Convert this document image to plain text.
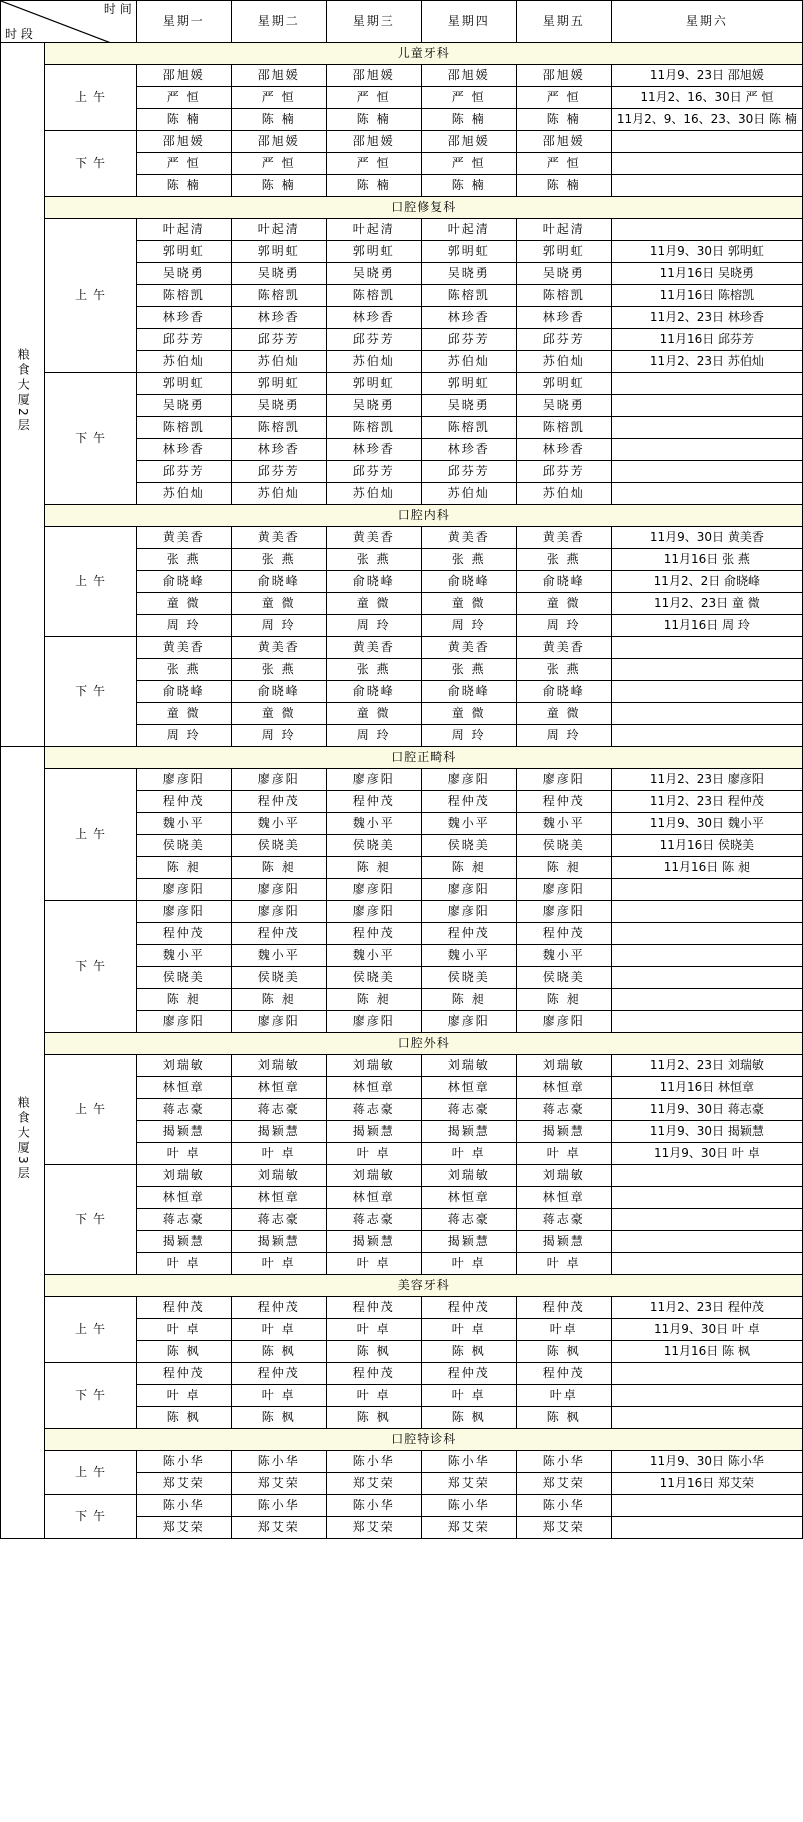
时 间
时 段		星期一	星期二	星期三	星期四	星期五	星期六
粮食大厦2层	儿童牙科						
	上 午	邵旭媛	邵旭媛	邵旭媛	邵旭媛	邵旭媛	11月9、23日 邵旭媛
		严 恒	严 恒	严 恒	严 恒	严 恒	11月2、16、30日 严 恒
		陈 楠	陈 楠	陈 楠	陈 楠	陈 楠	11月2、9、16、23、30日 陈 楠
	下 午	邵旭媛	邵旭媛	邵旭媛	邵旭媛	邵旭媛	
		严 恒	严 恒	严 恒	严 恒	严 恒	
		陈 楠	陈 楠	陈 楠	陈 楠	陈 楠	
	口腔修复科						
	上 午	叶起清	叶起清	叶起清	叶起清	叶起清	
		郭明虹	郭明虹	郭明虹	郭明虹	郭明虹	11月9、30日 郭明虹
		吴晓勇	吴晓勇	吴晓勇	吴晓勇	吴晓勇	11月16日 吴晓勇
		陈榕凯	陈榕凯	陈榕凯	陈榕凯	陈榕凯	11月16日 陈榕凯
		林珍香	林珍香	林珍香	林珍香	林珍香	11月2、23日 林珍香
		邱芬芳	邱芬芳	邱芬芳	邱芬芳	邱芬芳	11月16日 邱芬芳
		苏伯灿	苏伯灿	苏伯灿	苏伯灿	苏伯灿	11月2、23日 苏伯灿
	下 午	郭明虹	郭明虹	郭明虹	郭明虹	郭明虹	
		吴晓勇	吴晓勇	吴晓勇	吴晓勇	吴晓勇	
		陈榕凯	陈榕凯	陈榕凯	陈榕凯	陈榕凯	
		林珍香	林珍香	林珍香	林珍香	林珍香	
		邱芬芳	邱芬芳	邱芬芳	邱芬芳	邱芬芳	
		苏伯灿	苏伯灿	苏伯灿	苏伯灿	苏伯灿	
	口腔内科						
	上 午	黄美香	黄美香	黄美香	黄美香	黄美香	11月9、30日 黄美香
		张 燕	张 燕	张 燕	张 燕	张 燕	11月16日 张 燕
		俞晓峰	俞晓峰	俞晓峰	俞晓峰	俞晓峰	11月2、2日 俞晓峰
		童 微	童 微	童 微	童 微	童 微	11月2、23日 童 微
		周 玲	周 玲	周 玲	周 玲	周 玲	11月16日 周 玲
	下 午	黄美香	黄美香	黄美香	黄美香	黄美香	
		张 燕	张 燕	张 燕	张 燕	张 燕	
		俞晓峰	俞晓峰	俞晓峰	俞晓峰	俞晓峰	
		童 微	童 微	童 微	童 微	童 微	
		周 玲	周 玲	周 玲	周 玲	周 玲	
粮食大厦3层	口腔正畸科						
	上 午	廖彦阳	廖彦阳	廖彦阳	廖彦阳	廖彦阳	11月2、23日 廖彦阳
		程仲茂	程仲茂	程仲茂	程仲茂	程仲茂	11月2、23日 程仲茂
		魏小平	魏小平	魏小平	魏小平	魏小平	11月9、30日 魏小平
		侯晓美	侯晓美	侯晓美	侯晓美	侯晓美	11月16日 侯晓美
		陈 昶	陈 昶	陈 昶	陈 昶	陈 昶	11月16日 陈 昶
		廖彦阳	廖彦阳	廖彦阳	廖彦阳	廖彦阳	
	下 午	廖彦阳	廖彦阳	廖彦阳	廖彦阳	廖彦阳	
		程仲茂	程仲茂	程仲茂	程仲茂	程仲茂	
		魏小平	魏小平	魏小平	魏小平	魏小平	
		侯晓美	侯晓美	侯晓美	侯晓美	侯晓美	
		陈 昶	陈 昶	陈 昶	陈 昶	陈 昶	
		廖彦阳	廖彦阳	廖彦阳	廖彦阳	廖彦阳	
	口腔外科						
	上 午	刘瑞敏	刘瑞敏	刘瑞敏	刘瑞敏	刘瑞敏	11月2、23日 刘瑞敏
		林恒章	林恒章	林恒章	林恒章	林恒章	11月16日 林恒章
		蒋志豪	蒋志豪	蒋志豪	蒋志豪	蒋志豪	11月9、30日 蒋志豪
		揭颖慧	揭颖慧	揭颖慧	揭颖慧	揭颖慧	11月9、30日 揭颖慧
		叶 卓	叶 卓	叶 卓	叶 卓	叶 卓	11月9、30日 叶 卓
	下 午	刘瑞敏	刘瑞敏	刘瑞敏	刘瑞敏	刘瑞敏	
		林恒章	林恒章	林恒章	林恒章	林恒章	
		蒋志豪	蒋志豪	蒋志豪	蒋志豪	蒋志豪	
		揭颖慧	揭颖慧	揭颖慧	揭颖慧	揭颖慧	
		叶 卓	叶 卓	叶 卓	叶 卓	叶 卓	
	美容牙科						
	上 午	程仲茂	程仲茂	程仲茂	程仲茂	程仲茂	11月2、23日 程仲茂
		叶 卓	叶 卓	叶 卓	叶 卓	叶卓	11月9、30日 叶 卓
		陈 枫	陈 枫	陈 枫	陈 枫	陈 枫	11月16日 陈 枫
	下 午	程仲茂	程仲茂	程仲茂	程仲茂	程仲茂	
		叶 卓	叶 卓	叶 卓	叶 卓	叶卓	
		陈 枫	陈 枫	陈 枫	陈 枫	陈 枫	
	口腔特诊科						
	上 午	陈小华	陈小华	陈小华	陈小华	陈小华	11月9、30日 陈小华
		郑艾荣	郑艾荣	郑艾荣	郑艾荣	郑艾荣	11月16日 郑艾荣
	下 午	陈小华	陈小华	陈小华	陈小华	陈小华	
		郑艾荣	郑艾荣	郑艾荣	郑艾荣	郑艾荣	
